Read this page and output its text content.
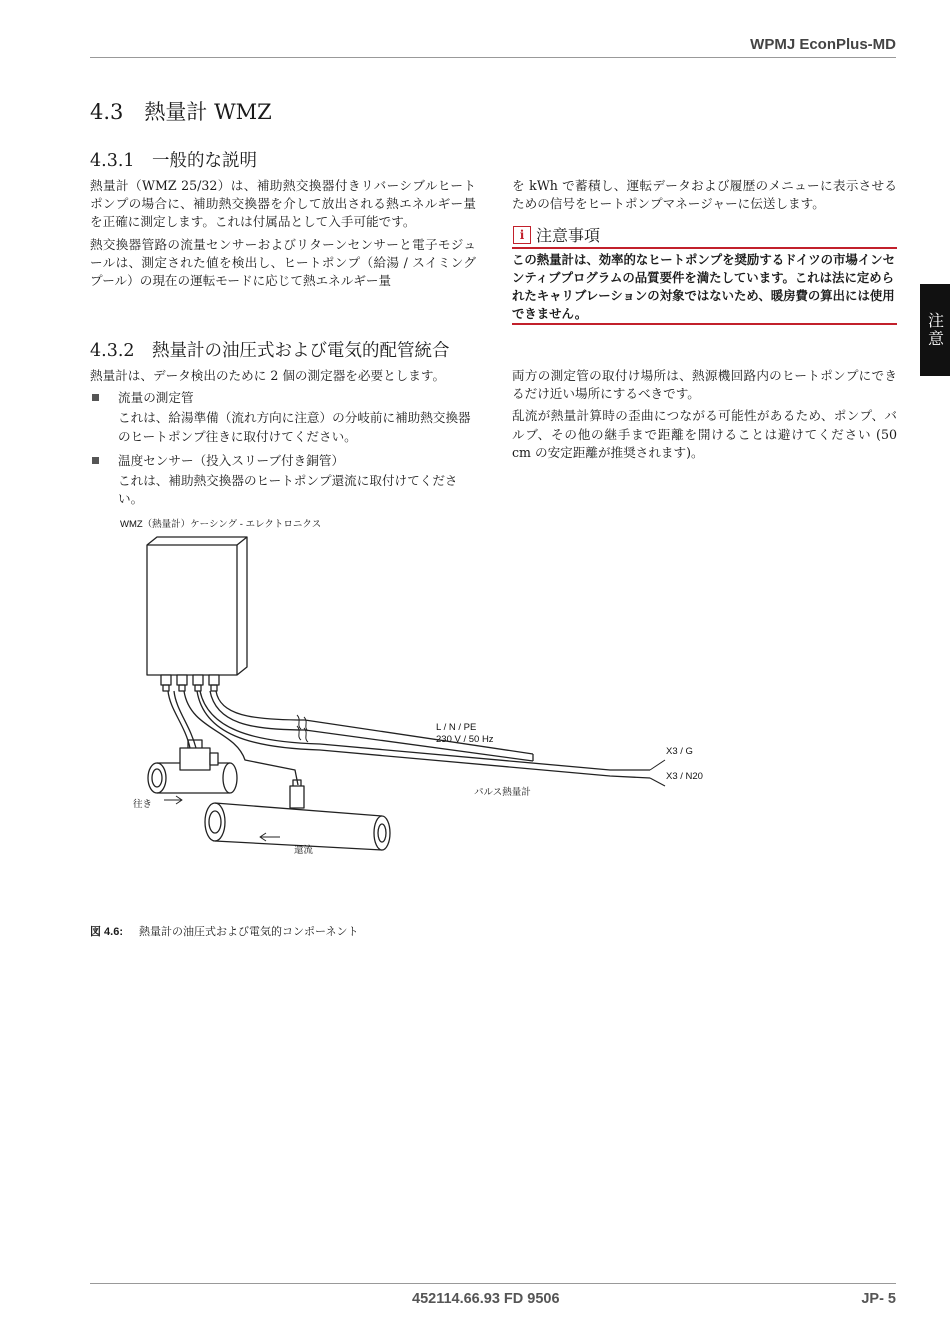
WPMJ EconPlus-MD
注意
4.3　熱量計 WMZ
4.3.1　一般的な説明

熱量計（WMZ 25/32）は、補助熱交換器付きリバーシブルヒートポンプの場合に、補助熱交換器を介して放出される熱エネルギー量を正確に測定します。これは付属品として入手可能です。

熱交換器管路の流量センサーおよびリターンセンサーと電子モジュールは、測定された値を検出し、ヒートポンプ（給湯 / スイミングプール）の現在の運転モードに応じて熱エネルギー量

を kWh で蓄積し、運転データおよび履歴のメニューに表示させるための信号をヒートポンプマネージャーに伝送します。

i 注意事項
この熱量計は、効率的なヒートポンプを奨励するドイツの市場インセンティブプログラムの品質要件を満たしています。これは法に定められたキャリブレーションの対象ではないため、暖房費の算出には使用できません。
4.3.2　熱量計の油圧式および電気的配管統合

熱量計は、データ検出のために 2 個の測定器を必要とします。

流量の測定管
これは、給湯準備（流れ方向に注意）の分岐前に補助熱交換器のヒートポンプ往きに取付けてください。
温度センサー（投入スリーブ付き銅管）
これは、補助熱交換器のヒートポンプ還流に取付けてください。

両方の測定管の取付け場所は、熱源機回路内のヒートポンプにできるだけ近い場所にするべきです。

乱流が熱量計算時の歪曲につながる可能性があるため、ポンプ、バルブ、その他の継手まで距離を開けることは避けてください (50 cm の安定距離が推奨されます)。

WMZ（熱量計）ケーシング - エレクトロニクス
L / N / PE
230 V / 50 Hz
X3 / G
X3 / N20
パルス熱量計
往き
還流
図 4.6: 熱量計の油圧式および電気的コンポーネント
452114.66.93 FD 9506	JP- 5
